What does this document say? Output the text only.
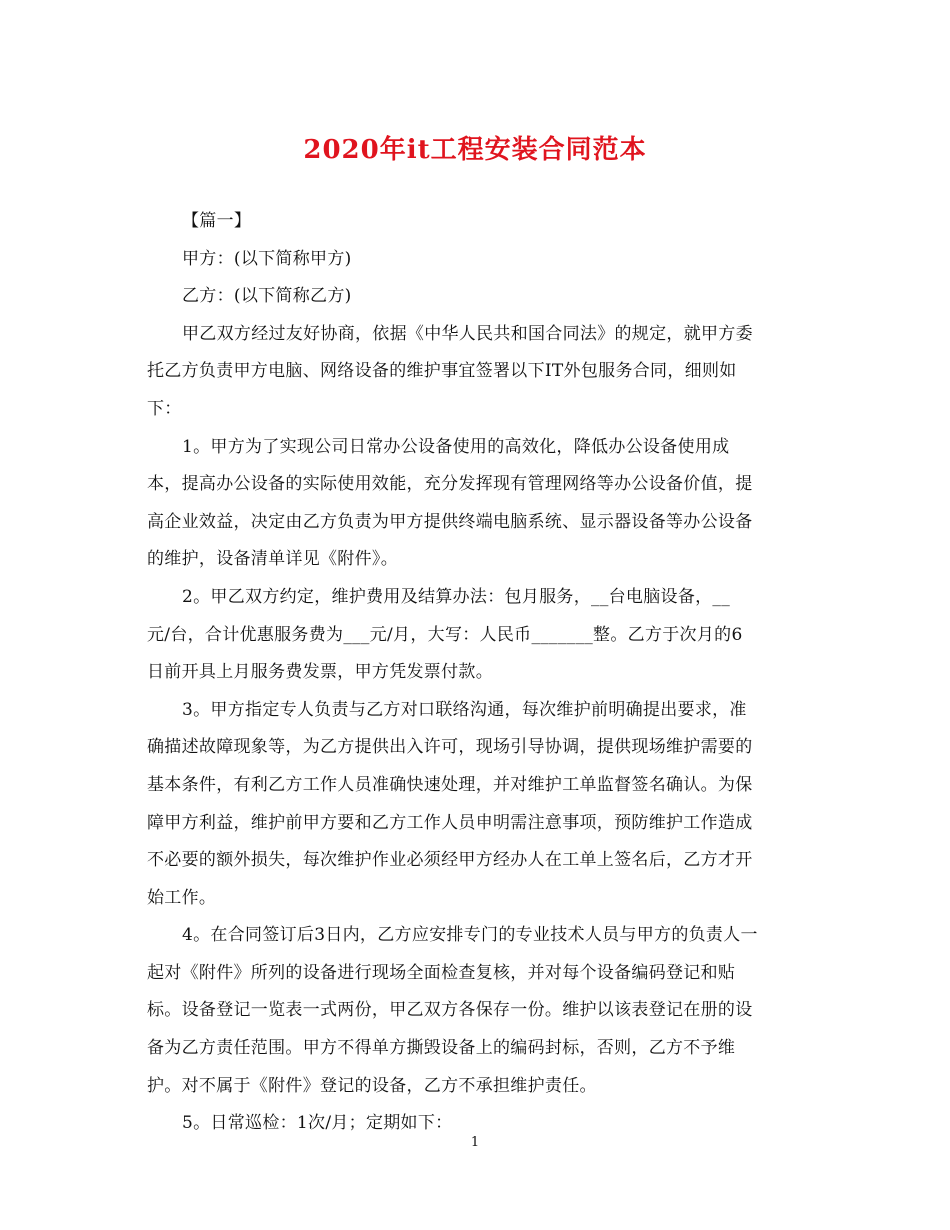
2020年it工程安装合同范本
【篇一】
甲方：(以下简称甲方)
乙方：(以下简称乙方)
甲乙双方经过友好协商，依据《中华人民共和国合同法》的规定，就甲方委
托乙方负责甲方电脑、网络设备的维护事宜签署以下IT外包服务合同，细则如
下：
1。甲方为了实现公司日常办公设备使用的高效化，降低办公设备使用成
本，提高办公设备的实际使用效能，充分发挥现有管理网络等办公设备价值，提
高企业效益，决定由乙方负责为甲方提供终端电脑系统、显示器设备等办公设备
的维护，设备清单详见《附件》。
2。甲乙双方约定，维护费用及结算办法：包月服务，__台电脑设备，__
元/台，合计优惠服务费为___元/月，大写：人民币_______整。乙方于次月的6
日前开具上月服务费发票，甲方凭发票付款。
3。甲方指定专人负责与乙方对口联络沟通，每次维护前明确提出要求，准
确描述故障现象等，为乙方提供出入许可，现场引导协调，提供现场维护需要的
基本条件，有利乙方工作人员准确快速处理，并对维护工单监督签名确认。为保
障甲方利益，维护前甲方要和乙方工作人员申明需注意事项，预防维护工作造成
不必要的额外损失，每次维护作业必须经甲方经办人在工单上签名后，乙方才开
始工作。
4。在合同签订后3日内，乙方应安排专门的专业技术人员与甲方的负责人一
起对《附件》所列的设备进行现场全面检查复核，并对每个设备编码登记和贴
标。设备登记一览表一式两份，甲乙双方各保存一份。维护以该表登记在册的设
备为乙方责任范围。甲方不得单方撕毁设备上的编码封标，否则，乙方不予维
护。对不属于《附件》登记的设备，乙方不承担维护责任。
5。日常巡检：1次/月；定期如下：
1
